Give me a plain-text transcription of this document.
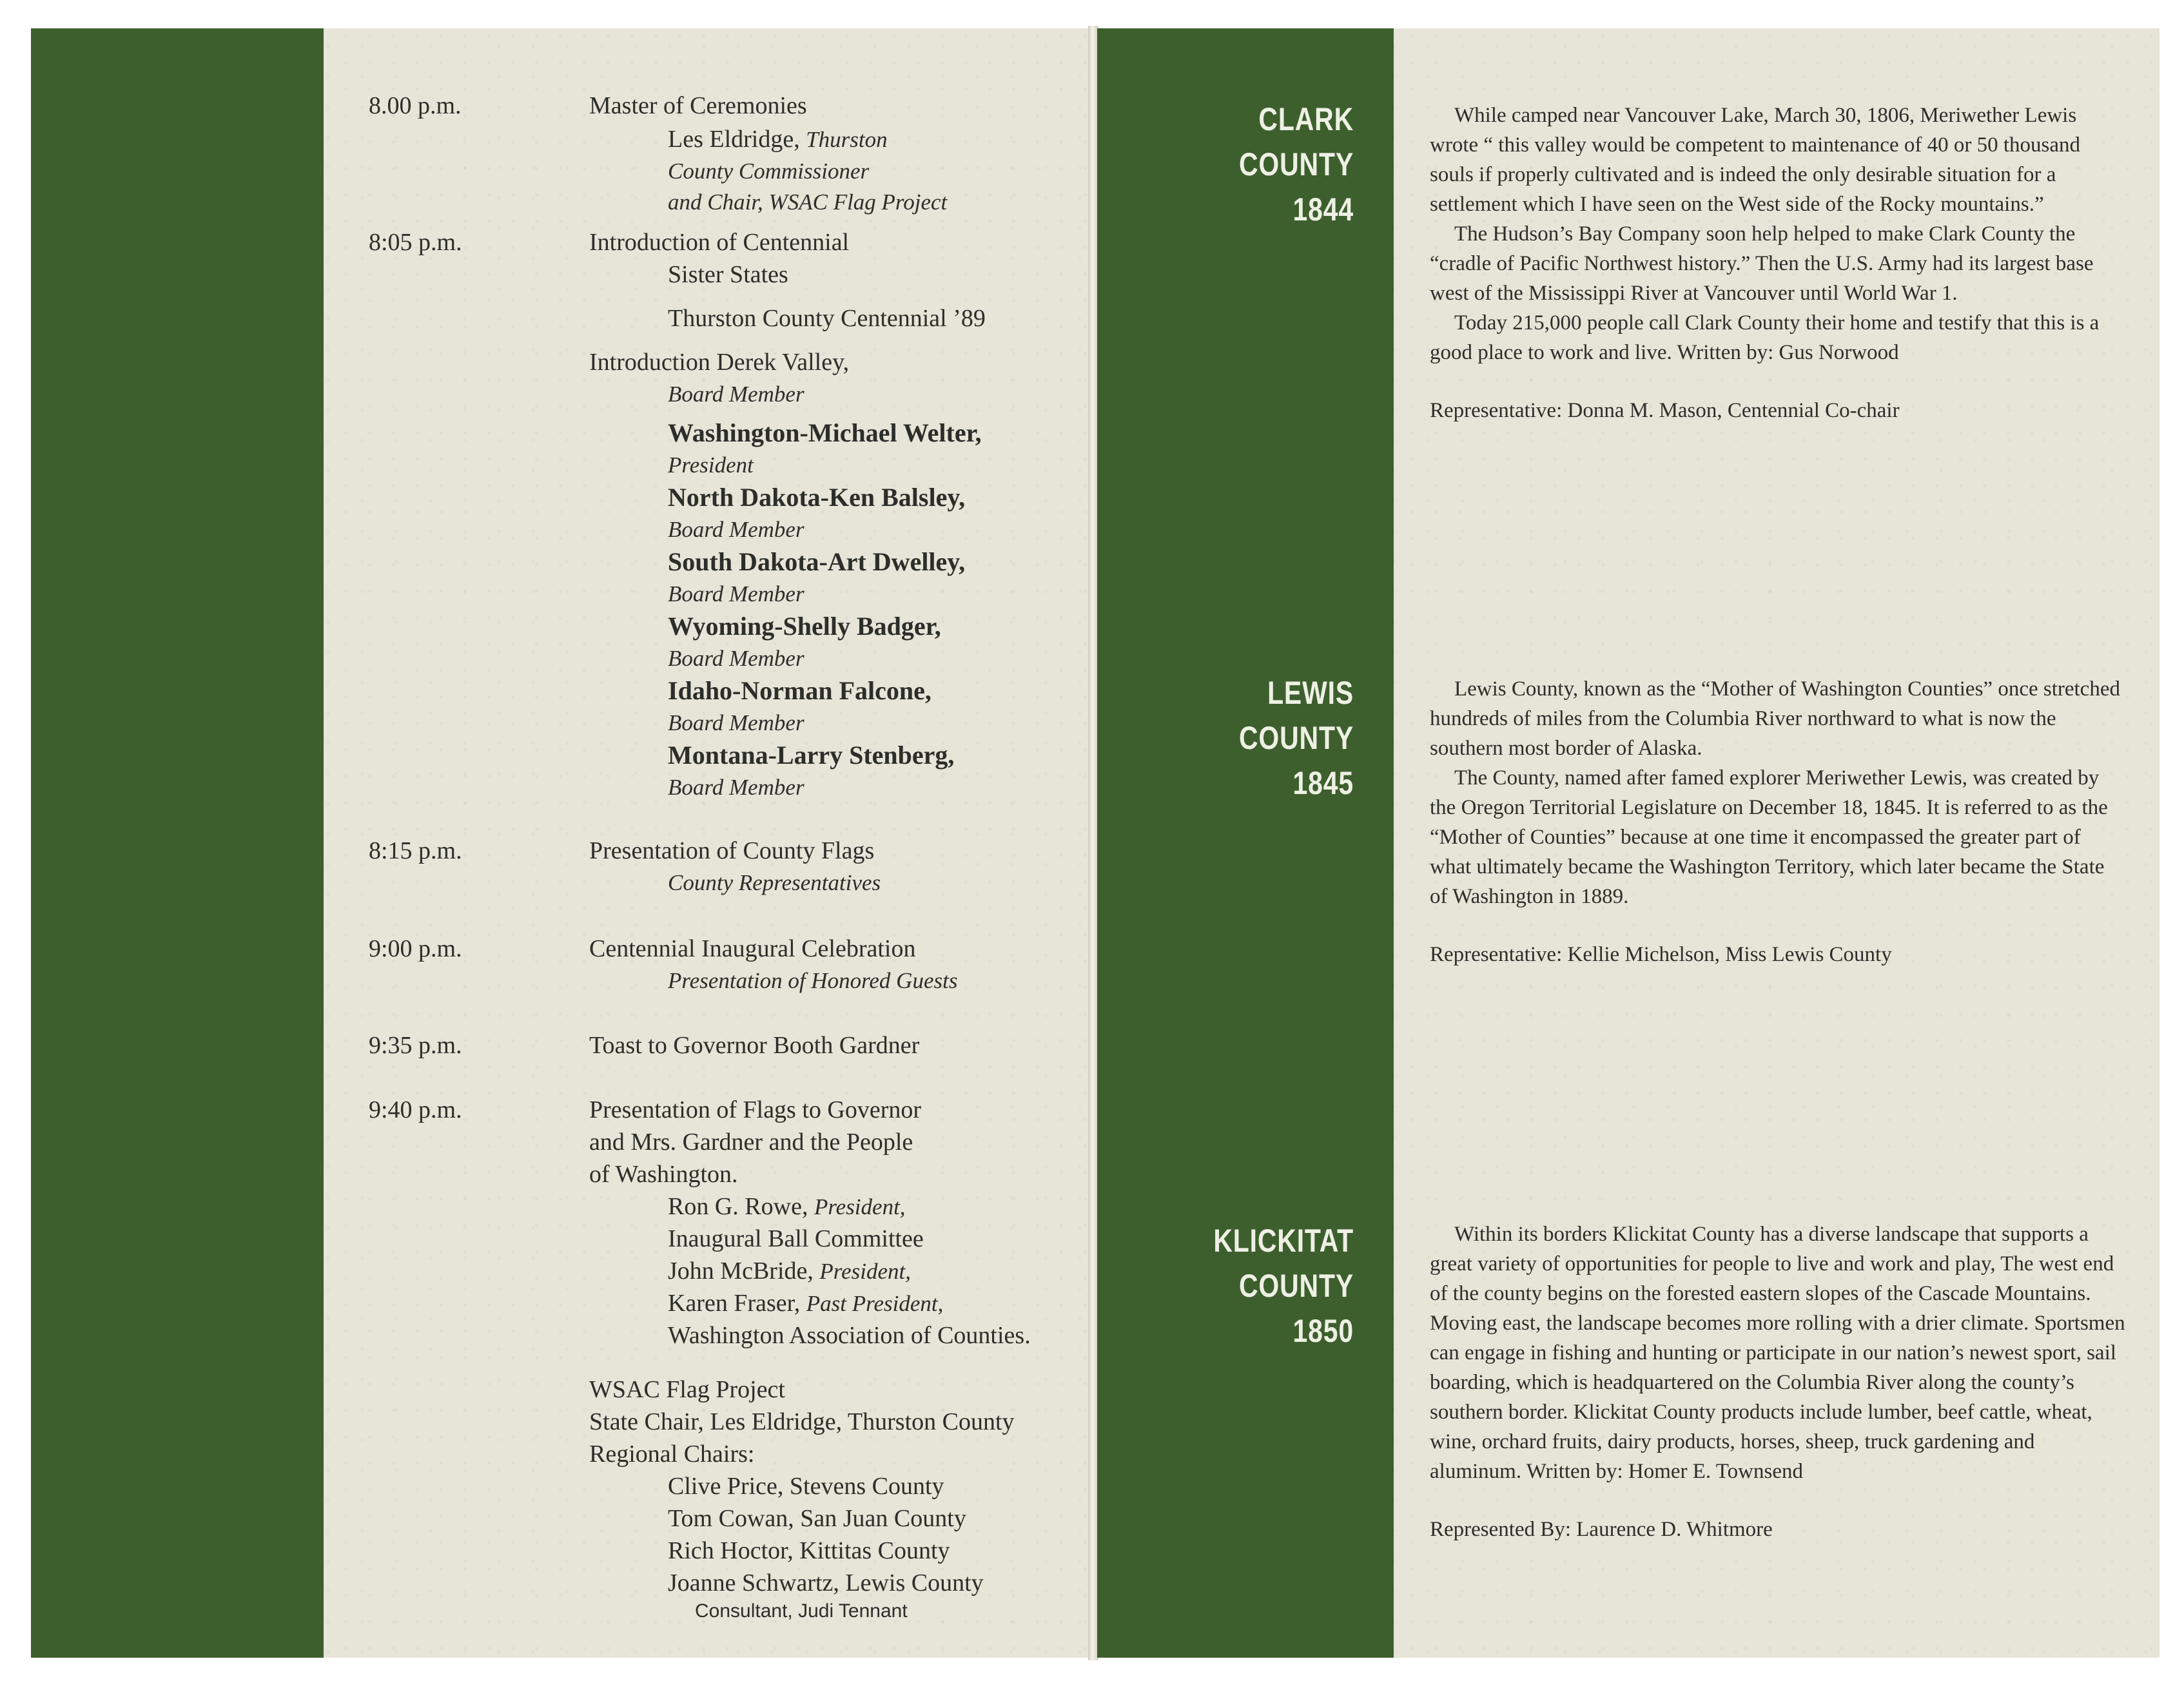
8.00 p.m.	Master of Ceremonies
Les Eldridge, Thurston
County Commissioner
and Chair, WSAC Flag Project
8:05 p.m.	Introduction of Centennial
Sister States
Thurston County Centennial ’89
Introduction Derek Valley,
Board Member
Washington-Michael Welter,
President
North Dakota-Ken Balsley,
Board Member
South Dakota-Art Dwelley,
Board Member
Wyoming-Shelly Badger,
Board Member
Idaho-Norman Falcone,
Board Member
Montana-Larry Stenberg,
Board Member
8:15 p.m.	Presentation of County Flags
County Representatives
9:00 p.m.	Centennial Inaugural Celebration
Presentation of Honored Guests
9:35 p.m.	Toast to Governor Booth Gardner
9:40 p.m.	Presentation of Flags to Governor
and Mrs. Gardner and the People
of Washington.
Ron G. Rowe, President,
Inaugural Ball Committee
John McBride, President,
Karen Fraser, Past President,
Washington Association of Counties.
WSAC Flag Project
State Chair, Les Eldridge, Thurston County
Regional Chairs:
Clive Price, Stevens County
Tom Cowan, San Juan County
Rich Hoctor, Kittitas County
Joanne Schwartz, Lewis County
Consultant, Judi Tennant
CLARK
COUNTY
1844
LEWIS
COUNTY
1845
KLICKITAT
COUNTY
1850

While camped near Vancouver Lake, March 30, 1806, Meriwether Lewis wrote “ this valley would be competent to maintenance of 40 or 50 thousand souls if properly cultivated and is indeed the only desirable situation for a settlement which I have seen on the West side of the Rocky mountains.”

The Hudson’s Bay Company soon help helped to make Clark County the “cradle of Pacific Northwest history.” Then the U.S. Army had its largest base west of the Mississippi River at Vancouver until World War 1.

Today 215,000 people call Clark County their home and testify that this is a good place to work and live. Written by: Gus Norwood

Representative: Donna M. Mason, Centennial Co-chair

Lewis County, known as the “Mother of Washington Counties” once stretched hundreds of miles from the Columbia River northward to what is now the southern most border of Alaska.

The County, named after famed explorer Meriwether Lewis, was created by the Oregon Territorial Legislature on December 18, 1845. It is referred to as the “Mother of Counties” because at one time it encompassed the greater part of what ultimately became the Washington Territory, which later became the State of Washington in 1889.

Representative: Kellie Michelson, Miss Lewis County

Within its borders Klickitat County has a diverse landscape that supports a great variety of opportunities for people to live and work and play, The west end of the county begins on the forested eastern slopes of the Cascade Mountains. Moving east, the landscape becomes more rolling with a drier climate. Sportsmen can engage in fishing and hunting or participate in our nation’s newest sport, sail boarding, which is headquartered on the Columbia River along the county’s southern border. Klickitat County products include lumber, beef cattle, wheat, wine, orchard fruits, dairy products, horses, sheep, truck gardening and aluminum. Written by: Homer E. Townsend

Represented By: Laurence D. Whitmore
